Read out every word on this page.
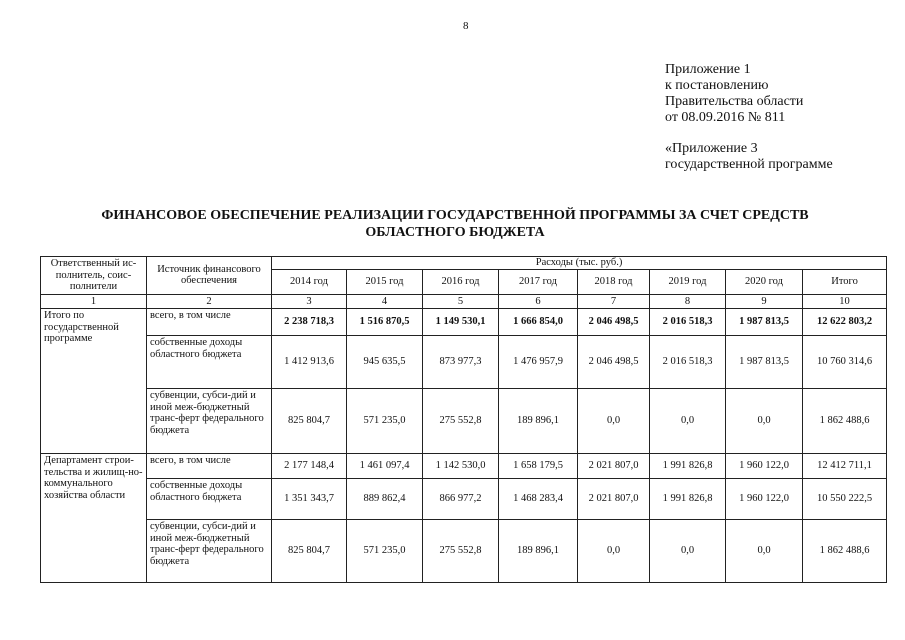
8
Приложение 1
к постановлению
Правительства области
от 08.09.2016 № 811
«Приложение 3
государственной программе
ФИНАНСОВОЕ ОБЕСПЕЧЕНИЕ РЕАЛИЗАЦИИ ГОСУДАРСТВЕННОЙ ПРОГРАММЫ ЗА СЧЕТ СРЕДСТВ
ОБЛАСТНОГО БЮДЖЕТА
Ответственный ис-полнитель, соис-полнители	Источник финансового обеспечения	Расходы (тыс. руб.)							
		2014 год	2015 год	2016 год	2017 год	2018 год	2019 год	2020 год	Итого
1	2	3	4	5	6	7	8	9	10
Итого по государственной программе	всего, в том числе	2 238 718,3	1 516 870,5	1 149 530,1	1 666 854,0	2 046 498,5	2 016 518,3	1 987 813,5	12 622 803,2
	собственные доходы областного бюджета	1 412 913,6	945 635,5	873 977,3	1 476 957,9	2 046 498,5	2 016 518,3	1 987 813,5	10 760 314,6
	субвенции, субси-дий и иной меж-бюджетный транс-ферт федерального бюджета	825 804,7	571 235,0	275 552,8	189 896,1	0,0	0,0	0,0	1 862 488,6
Департамент строи-тельства и жилищ-но-коммунального хозяйства области	всего, в том числе	2 177 148,4	1 461 097,4	1 142 530,0	1 658 179,5	2 021 807,0	1 991 826,8	1 960 122,0	12 412 711,1
	собственные доходы областного бюджета	1 351 343,7	889 862,4	866 977,2	1 468 283,4	2 021 807,0	1 991 826,8	1 960 122,0	10 550 222,5
	субвенции, субси-дий и иной меж-бюджетный транс-ферт федерального бюджета	825 804,7	571 235,0	275 552,8	189 896,1	0,0	0,0	0,0	1 862 488,6
